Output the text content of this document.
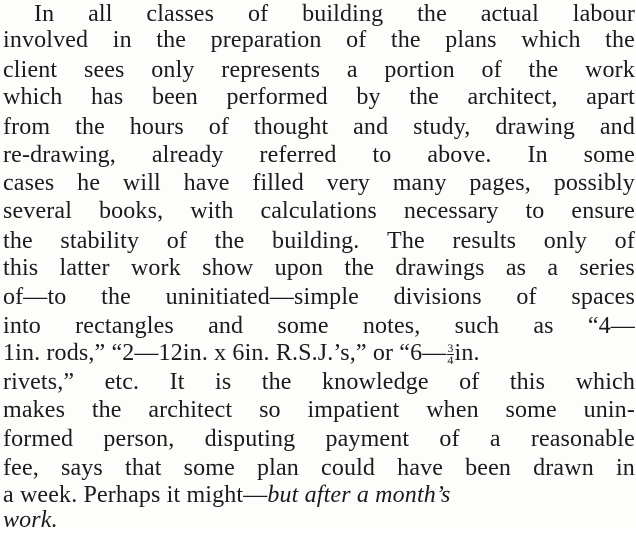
In all classes of building the actual labour
involved in the preparation of the plans which the
client sees only represents a portion of the work
which has been performed by the architect, apart
from the hours of thought and study, drawing and
re-drawing, already referred to above. In some
cases he will have filled very many pages, possibly
several books, with calculations necessary to ensure
the stability of the building. The results only of
this latter work show upon the drawings as a series
of—to the uninitiated—simple divisions of spaces
into rectangles and some notes, such as “4—
1in. rods,” “2—12in. x 6in. R.S.J.’s,” or “6— $\frac{3}{4}$ in.
rivets,” etc. It is the knowledge of this which
makes the architect so impatient when some unin-
formed person, disputing payment of a reasonable
fee, says that some plan could have been drawn in
a week. Perhaps it might—but after a month’s
work.
